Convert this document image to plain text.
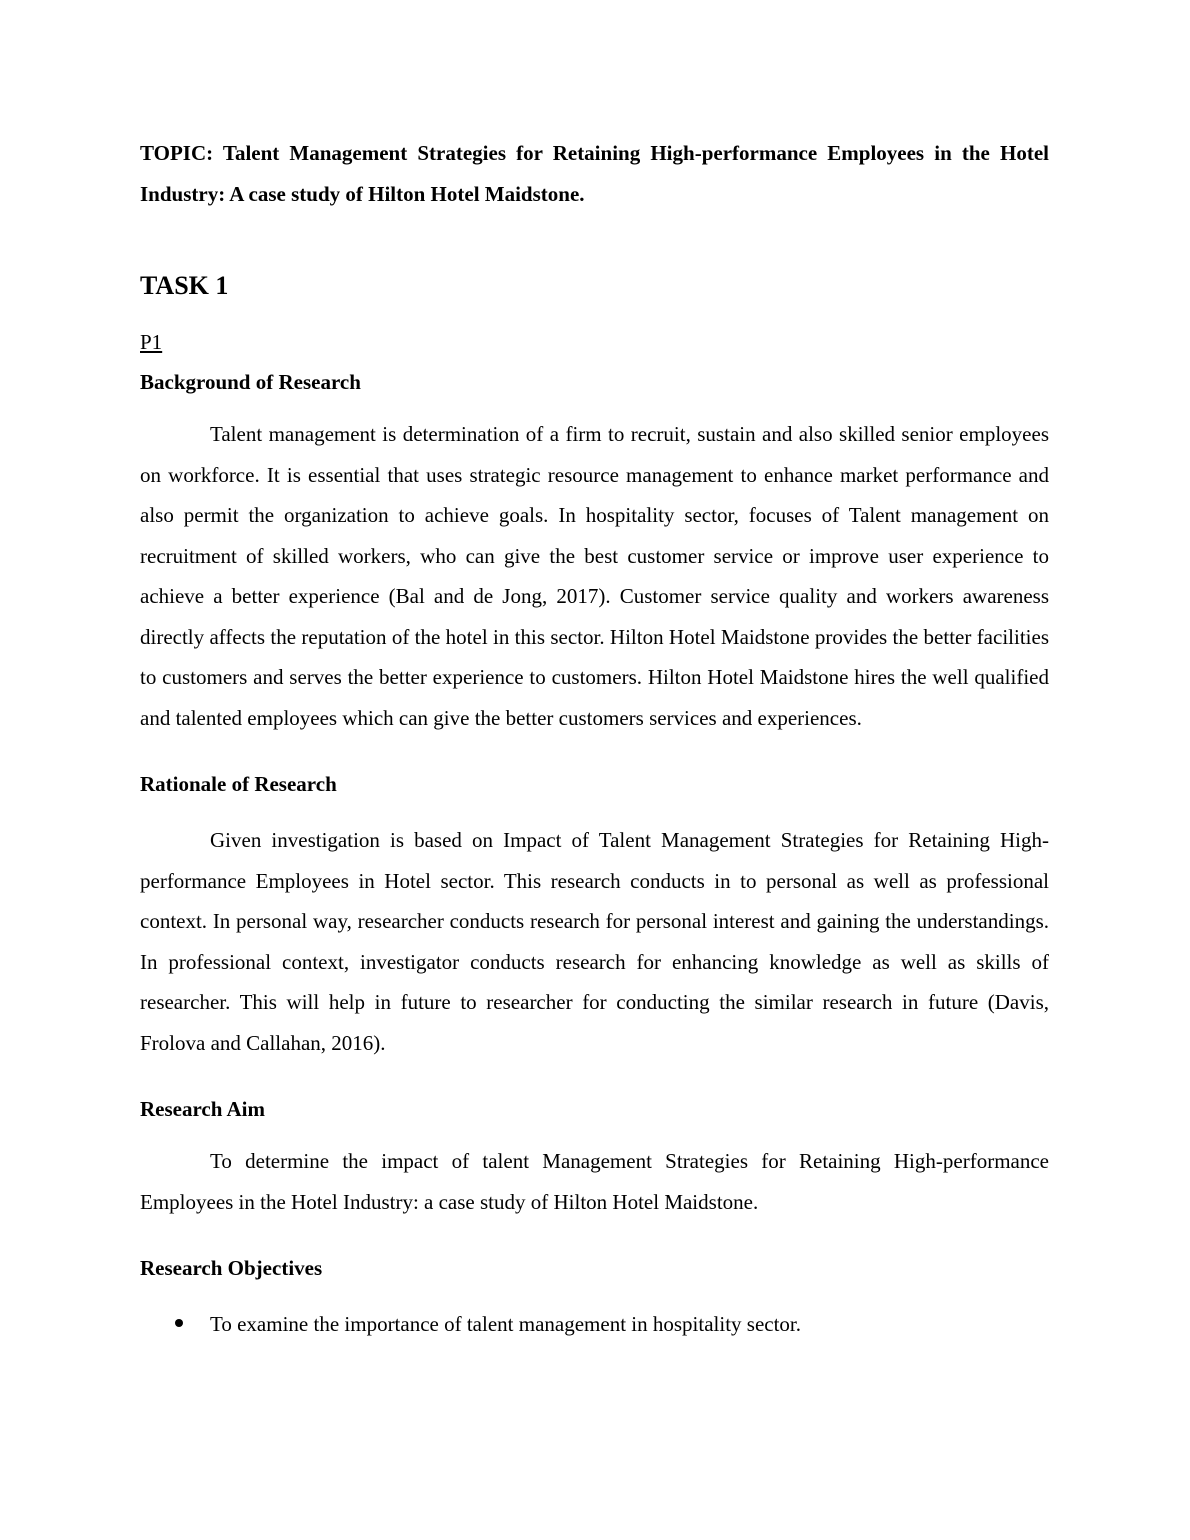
TOPIC: Talent Management Strategies for Retaining High-performance Employees in the Hotel Industry: A case study of Hilton Hotel Maidstone.

TASK 1
P1
Background of Research

Talent management is determination of a firm to recruit, sustain and also skilled senior employees on workforce. It is essential that uses strategic resource management to enhance market performance and also permit the organization to achieve goals. In hospitality sector, focuses of Talent management on recruitment of skilled workers, who can give the best customer service or improve user experience to achieve a better experience (Bal and de Jong, 2017). Customer service quality and workers awareness directly affects the reputation of the hotel in this sector. Hilton Hotel Maidstone provides the better facilities to customers and serves the better experience to customers. Hilton Hotel Maidstone hires the well qualified and talented employees which can give the better customers services and experiences.

Rationale of Research

Given investigation is based on Impact of Talent Management Strategies for Retaining High-performance Employees in Hotel sector. This research conducts in to personal as well as professional context. In personal way, researcher conducts research for personal interest and gaining the understandings. In professional context, investigator conducts research for enhancing knowledge as well as skills of researcher. This will help in future to researcher for conducting the similar research in future (Davis, Frolova and Callahan, 2016).

Research Aim

To determine the impact of talent Management Strategies for Retaining High-performance Employees in the Hotel Industry: a case study of Hilton Hotel Maidstone.

Research Objectives
To examine the importance of talent management in hospitality sector.
